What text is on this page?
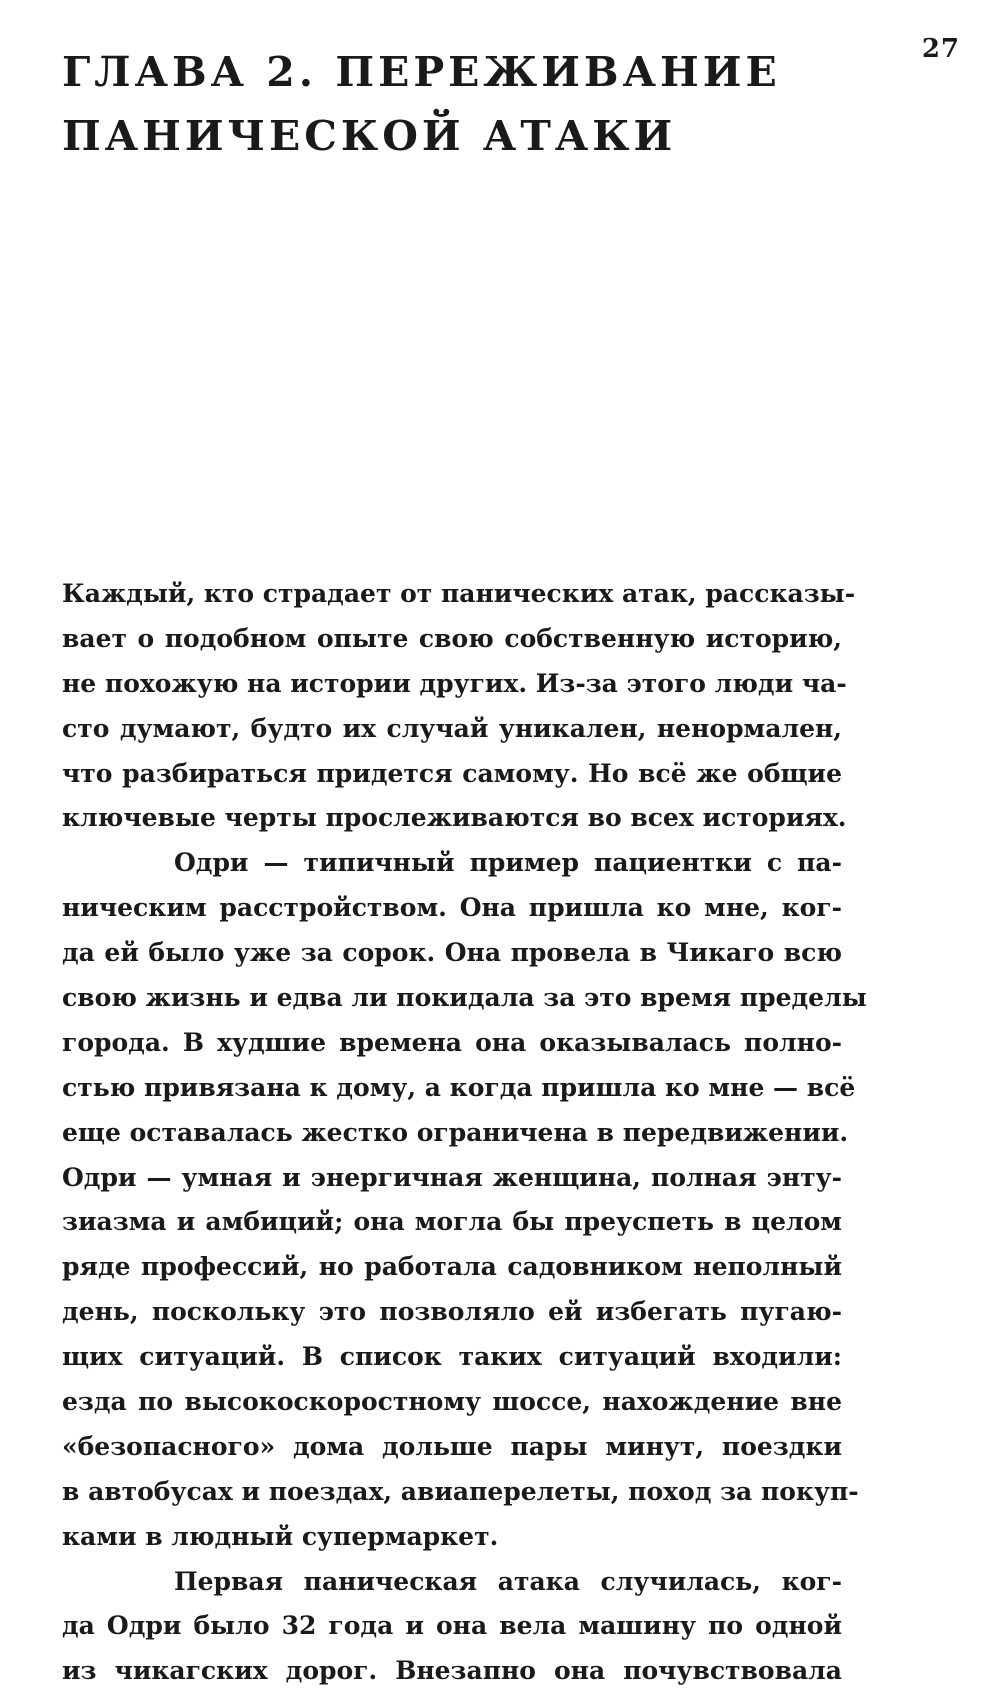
27
ГЛАВА 2. ПЕРЕЖИВАНИЕ
ПАНИЧЕСКОЙ АТАКИ
Каждый, кто страдает от панических атак, рассказы-
вает о подобном опыте свою собственную историю,
не похожую на истории других. Из-за этого люди ча-
сто думают, будто их случай уникален, ненормален,
что разбираться придется самому. Но всё же общие
ключевые черты прослеживаются во всех историях.
Одри — типичный пример пациентки с па-
ническим расстройством. Она пришла ко мне, ког-
да ей было уже за сорок. Она провела в Чикаго всю
свою жизнь и едва ли покидала за это время пределы
города. В худшие времена она оказывалась полно-
стью привязана к дому, а когда пришла ко мне — всё
еще оставалась жестко ограничена в передвижении.
Одри — умная и энергичная женщина, полная энту-
зиазма и амбиций; она могла бы преуспеть в целом
ряде профессий, но работала садовником неполный
день, поскольку это позволяло ей избегать пугаю-
щих ситуаций. В список таких ситуаций входили:
езда по высокоскоростному шоссе, нахождение вне
«безопасного» дома дольше пары минут, поездки
в автобусах и поездах, авиаперелеты, поход за покуп-
ками в людный супермаркет.
Первая паническая атака случилась, ког-
да Одри было 32 года и она вела машину по одной
из чикагских дорог. Внезапно она почувствовала
